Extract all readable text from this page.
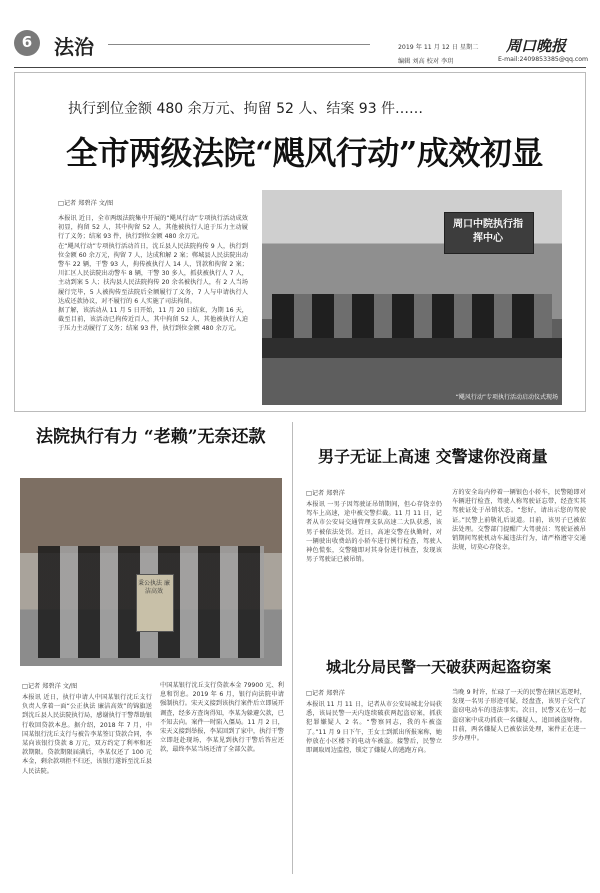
6	法治	2019 年 11 月 12 日 星期二 周口晚报
编辑 刘高 校对 李玥	E-mail:2409853385@qq.com
执行到位金额 480 余万元、拘留 52 人、结案 93 件……
全市两级法院“飓风行动”成效初显
□记者 郑碧洋 文/图

本报讯 近日，全市两级法院集中开展的“飓风行动”专项执行活动成效初显，拘留 52 人，其中拘留 52 人，其他被执行人迫于压力主动履行了义务；结案 93 件，执行到位金额 480 余万元。

在“飓风行动”专项执行活动首日，沈丘县人民法院拘传 9 人，执行到位金额 60 余万元，拘留 7 人，达成和解 2 案；郸城县人民法院出动警车 22 辆，干警 93 人，拘传被执行人 14 人，罚款和拘留 2 案；川汇区人民法院出动警车 8 辆，干警 30 多人，抓获被执行人 7 人，主动到案 5 人；扶沟县人民法院拘传 20 余名被执行人，有 2 人当场履行完毕，5 人被拘传至法院后全额履行了义务，7 人与申请执行人达成还款协议，对不履行的 6 人实施了司法拘留。

据了解，该活动从 11 月 5 日开始，11 月 20 日结束，为期 16 天，截至目前，该活动已拘传近百人，其中拘留 52 人，其他被执行人迫于压力主动履行了义务；结案 93 件，执行到位金额 480 余万元。

周口中院执行指挥中心
“飓风行动”专项执行活动启动仪式现场
法院执行有力 “老赖”无奈还款
秉公执法 廉洁高效
□记者 郑碧洋 文/图

本报讯 近日，执行申请人中国某银行沈丘支行负责人拿着一面“公正执法 廉洁高效”的锦旗送到沈丘县人民法院执行局，感谢执行干警帮助银行收回贷款本息。据介绍，2018 年 7 月，中国某银行沈丘支行与被告李某签订贷款合同，李某向该银行贷款 8 万元，双方约定了利率和还款期限。贷款期限届满后，李某仅还了 100 元本金，剩余款项拒不归还，该银行遂诉至沈丘县人民法院。

中国某银行沈丘支行贷款本金 79900 元、利息和罚息。2019 年 6 月，银行向法院申请强制执行。宋天义接到该执行案件后立即展开调查，经多方查询得知，李某为躲避欠款，已不知去向。案件一时陷入僵局。11 月 2 日，宋天义接到举报，李某回到了家中，执行干警立即赶赴现场，李某见到执行干警后答应还款，最终李某当场还清了全部欠款。

男子无证上高速 交警逮你没商量
□记者 郑碧洋

本报讯 一男子因驾驶证吊销期间，但心存侥幸仍驾车上高速，途中被交警拦截。11 月 11 日，记者从市公安局交通管理支队高速二大队获悉，该男子被依法处罚。近日，高速交警在执勤时，对一辆驶出收费站的小轿车进行例行检查，驾驶人神色慌张，交警随即对其身份进行核查，发现该男子驾驶证已被吊销。

方的安全岛内停着一辆银色小轿车，民警随即对车辆进行检查，驾驶人称驾驶证忘带，经查实其驾驶证处于吊销状态。“您好，请出示您的驾驶证。”民警上前敬礼后说道。目前，该男子已被依法处理。交警部门提醒广大驾驶员：驾驶证被吊销期间驾驶机动车属违法行为，请严格遵守交通法规，切莫心存侥幸。

城北分局民警一天破获两起盗窃案
□记者 郑碧洋

本报讯 11 月 11 日，记者从市公安局城北分局获悉，该局民警一天内连续破获两起盗窃案，抓获犯罪嫌疑人 2 名。“警察同志，我的车被盗了。”11 月 9 日下午，王女士到派出所报案称，她停放在小区楼下的电动车被盗。接警后，民警立即调取周边监控，锁定了嫌疑人的逃跑方向。

当晚 9 时许，忙碌了一天的民警在辖区巡逻时，发现一名男子形迹可疑，经盘查，该男子交代了盗窃电动车的违法事实。次日，民警又在另一起盗窃案中成功抓获一名嫌疑人，追回被盗财物。目前，两名嫌疑人已被依法处理，案件正在进一步办理中。
